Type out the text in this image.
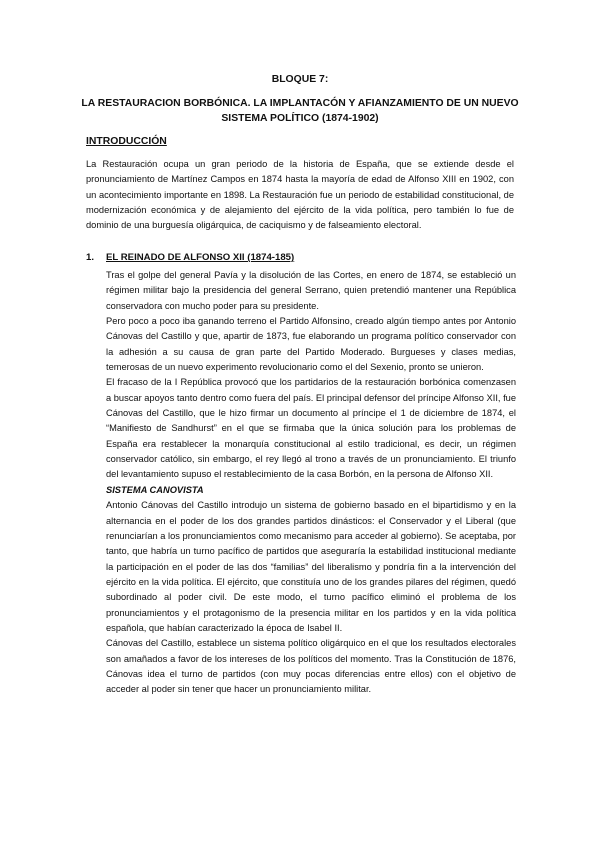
BLOQUE 7:
LA RESTAURACION BORBÓNICA. LA IMPLANTACÓN Y AFIANZAMIENTO DE UN NUEVO SISTEMA POLÍTICO (1874-1902)
INTRODUCCIÓN

La Restauración ocupa un gran periodo de la historia de España, que se extiende desde el pronunciamiento de Martínez Campos en 1874 hasta la mayoría de edad de Alfonso XIII en 1902, con un acontecimiento importante en 1898. La Restauración fue un periodo de estabilidad constitucional, de modernización económica y de alejamiento del ejército de la vida política, pero también lo fue de dominio de una burguesía oligárquica, de caciquismo y de falseamiento electoral.

1. EL REINADO DE ALFONSO XII (1874-185)

Tras el golpe del general Pavía y la disolución de las Cortes, en enero de 1874, se estableció un régimen militar bajo la presidencia del general Serrano, quien pretendió mantener una República conservadora con mucho poder para su presidente.

Pero poco a poco iba ganando terreno el Partido Alfonsino, creado algún tiempo antes por Antonio Cánovas del Castillo y que, apartir de 1873, fue elaborando un programa político conservador con la adhesión a su causa de gran parte del Partido Moderado. Burgueses y clases medias, temerosas de un nuevo experimento revolucionario como el del Sexenio, pronto se unieron.

El fracaso de la I República provocó que los partidarios de la restauración borbónica comenzasen a buscar apoyos tanto dentro como fuera del país. El principal defensor del príncipe Alfonso XII, fue Cánovas del Castillo, que le hizo firmar un documento al príncipe el 1 de diciembre de 1874, el “Manifiesto de Sandhurst” en el que se firmaba que la única solución para los problemas de España era restablecer la monarquía constitucional al estilo tradicional, es decir, un régimen conservador católico, sin embargo, el rey llegó al trono a través de un pronunciamiento. El triunfo del levantamiento supuso el restablecimiento de la casa Borbón, en la persona de Alfonso XII.

SISTEMA CANOVISTA

Antonio Cánovas del Castillo introdujo un sistema de gobierno basado en el bipartidismo y en la alternancia en el poder de los dos grandes partidos dinásticos: el Conservador y el Liberal (que renunciarían a los pronunciamientos como mecanismo para acceder al gobierno). Se aceptaba, por tanto, que habría un turno pacífico de partidos que aseguraría la estabilidad institucional mediante la participación en el poder de las dos “familias” del liberalismo y pondría fin a la intervención del ejército en la vida política. El ejército, que constituía uno de los grandes pilares del régimen, quedó subordinado al poder civil. De este modo, el turno pacífico eliminó el problema de los pronunciamientos y el protagonismo de la presencia militar en los partidos y en la vida política española, que habían caracterizado la época de Isabel II.

Cánovas del Castillo, establece un sistema político oligárquico en el que los resultados electorales son amañados a favor de los intereses de los políticos del momento. Tras la Constitución de 1876, Cánovas idea el turno de partidos (con muy pocas diferencias entre ellos) con el objetivo de acceder al poder sin tener que hacer un pronunciamiento militar.
